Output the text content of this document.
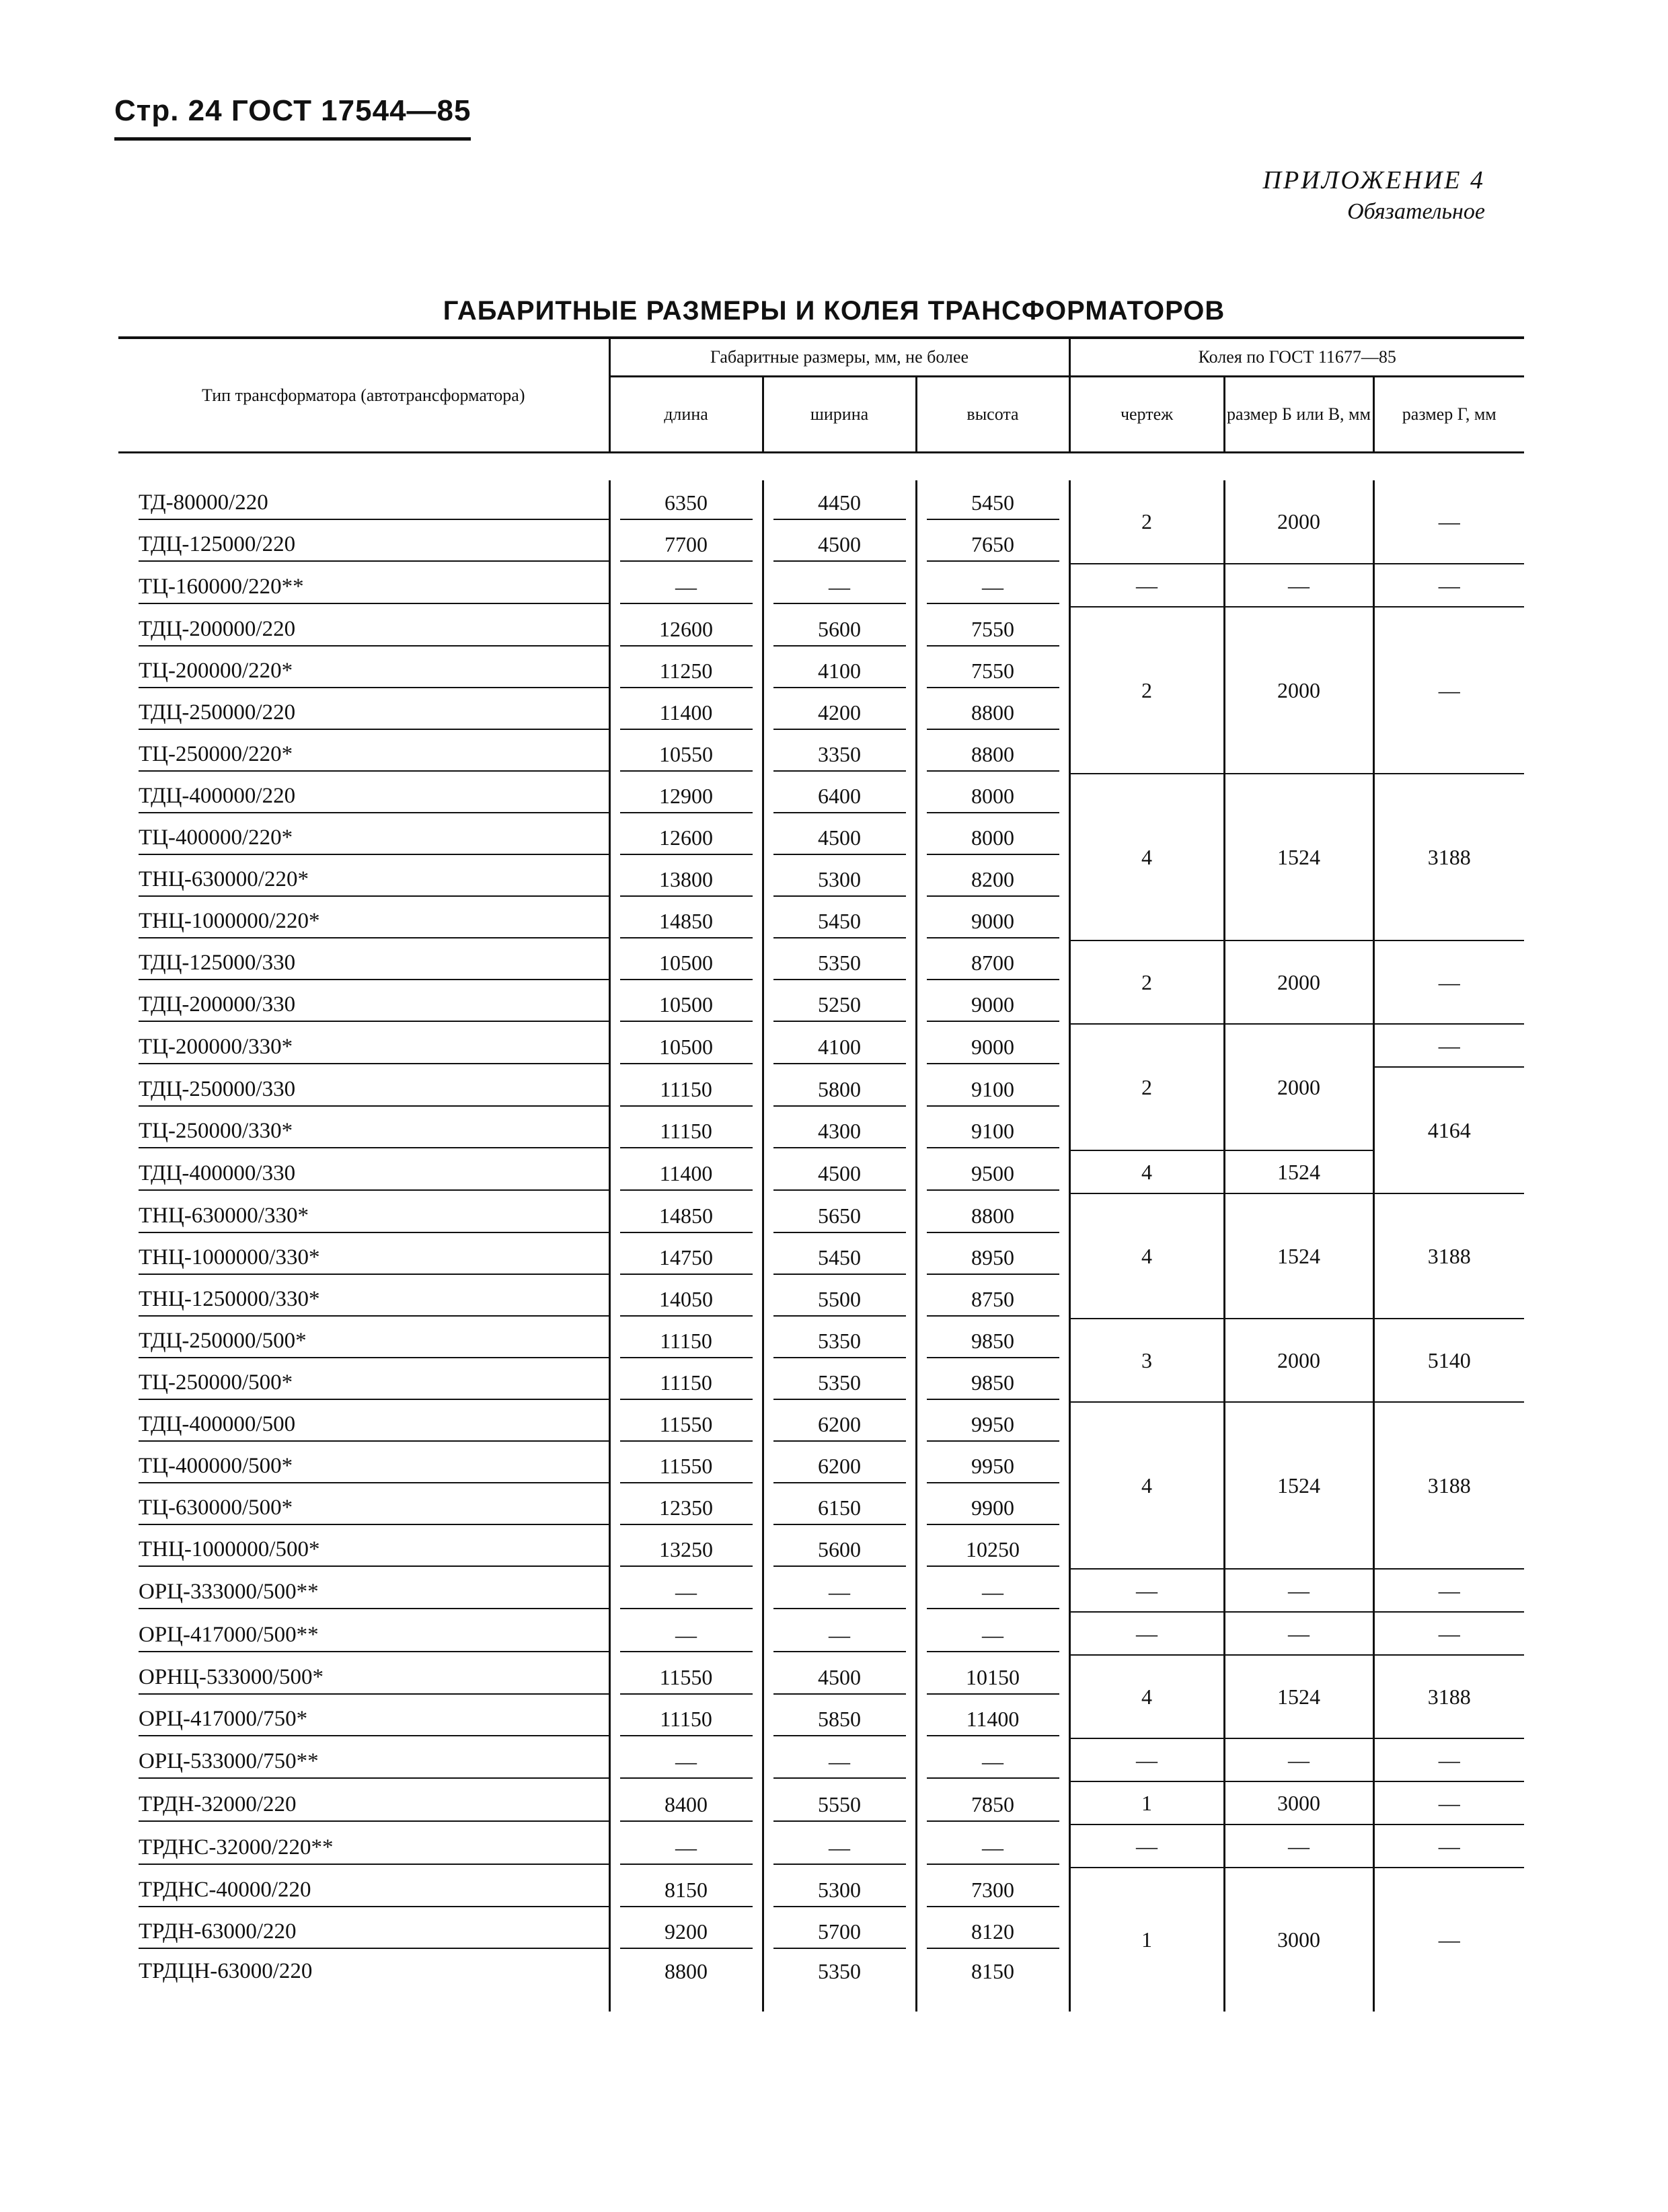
Стр. 24 ГОСТ 17544—85
ПРИЛОЖЕНИЕ 4
Обязательное
ГАБАРИТНЫЕ РАЗМЕРЫ И КОЛЕЯ ТРАНСФОРМАТОРОВ
Тип трансформатора (автотрансформатора)	Габаритные размеры, мм, не более			Колея по ГОСТ 11677—85		
	длина	ширина	высота	чертеж	размер Б или В, мм	размер Г, мм

ТД-80000/220	6350	4450	5450	2	2000	—

ТДЦ-125000/220	7700	4500	7650			

ТЦ-160000/220**	—	—	—	—	—	—

ТДЦ-200000/220	12600	5600	7550	2	2000	—

ТЦ-200000/220*	11250	4100	7550			

ТДЦ-250000/220	11400	4200	8800			

ТЦ-250000/220*	10550	3350	8800			

ТДЦ-400000/220	12900	6400	8000	4	1524	3188

ТЦ-400000/220*	12600	4500	8000			

ТНЦ-630000/220*	13800	5300	8200			

ТНЦ-1000000/220*	14850	5450	9000			

ТДЦ-125000/330	10500	5350	8700	2	2000	—

ТДЦ-200000/330	10500	5250	9000			

ТЦ-200000/330*	10500	4100	9000	2	2000	—

ТДЦ-250000/330	11150	5800	9100			4164

ТЦ-250000/330*	11150	4300	9100			

ТДЦ-400000/330	11400	4500	9500	4	1524	

ТНЦ-630000/330*	14850	5650	8800	4	1524	3188

ТНЦ-1000000/330*	14750	5450	8950			

ТНЦ-1250000/330*	14050	5500	8750			

ТДЦ-250000/500*	11150	5350	9850	3	2000	5140

ТЦ-250000/500*	11150	5350	9850			

ТДЦ-400000/500	11550	6200	9950	4	1524	3188

ТЦ-400000/500*	11550	6200	9950			

ТЦ-630000/500*	12350	6150	9900			

ТНЦ-1000000/500*	13250	5600	10250			

ОРЦ-333000/500**	—	—	—	—	—	—

ОРЦ-417000/500**	—	—	—	—	—	—

ОРНЦ-533000/500*	11550	4500	10150	4	1524	3188

ОРЦ-417000/750*	11150	5850	11400			

ОРЦ-533000/750**	—	—	—	—	—	—

ТРДН-32000/220	8400	5550	7850	1	3000	—

ТРДНС-32000/220**	—	—	—	—	—	—

ТРДНС-40000/220	8150	5300	7300	1	3000	—

ТРДН-63000/220	9200	5700	8120			

ТРДЦН-63000/220	8800	5350	8150			
